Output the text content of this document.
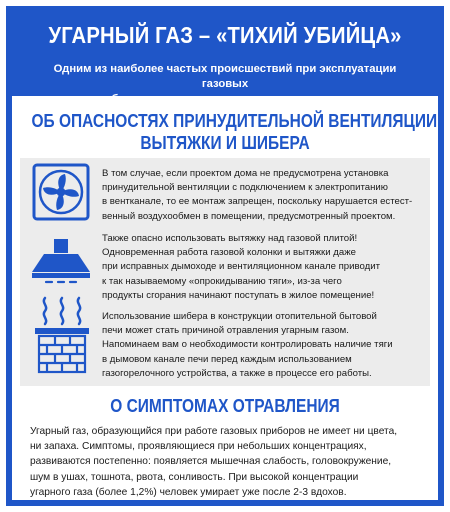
УГАРНЫЙ ГАЗ – «ТИХИЙ УБИЙЦА»
Одним из наиболее частых происшествий при эксплуатации газовых
ОБ ОПАСНОСТЯХ ПРИНУДИТЕЛЬНОЙ ВЕНТИЛЯЦИИ,
ВЫТЯЖКИ И ШИБЕРА
В том случае, если проектом дома не предусмотрена установка
принудительной вентиляции с подключением к электропитанию
в вентканале, то ее монтаж запрещен, поскольку нарушается естест-
венный воздухообмен в помещении, предусмотренный проектом.
Также опасно использовать вытяжку над газовой плитой!
Одновременная работа газовой колонки и вытяжки даже
при исправных дымоходе и вентиляционном канале приводит
к так называемому «опрокидыванию тяги», из-за чего
продукты сгорания начинают поступать в жилое помещение!
Использование шибера в конструкции отопительной бытовой
печи может стать причиной отравления угарным газом.
Напоминаем вам о необходимости контролировать наличие тяги
в дымовом канале печи перед каждым использованием
газогорелочного устройства, а также в процессе его работы.
О СИМПТОМАХ ОТРАВЛЕНИЯ
Угарный газ, образующийся при работе газовых приборов не имеет ни цвета,
ни запаха. Симптомы, проявляющиеся при небольших концентрациях,
развиваются постепенно: появляется мышечная слабость, головокружение,
шум в ушах, тошнота, рвота, сонливость. При высокой концентрации
угарного газа (более 1,2%) человек умирает уже после 2-3 вдохов.
